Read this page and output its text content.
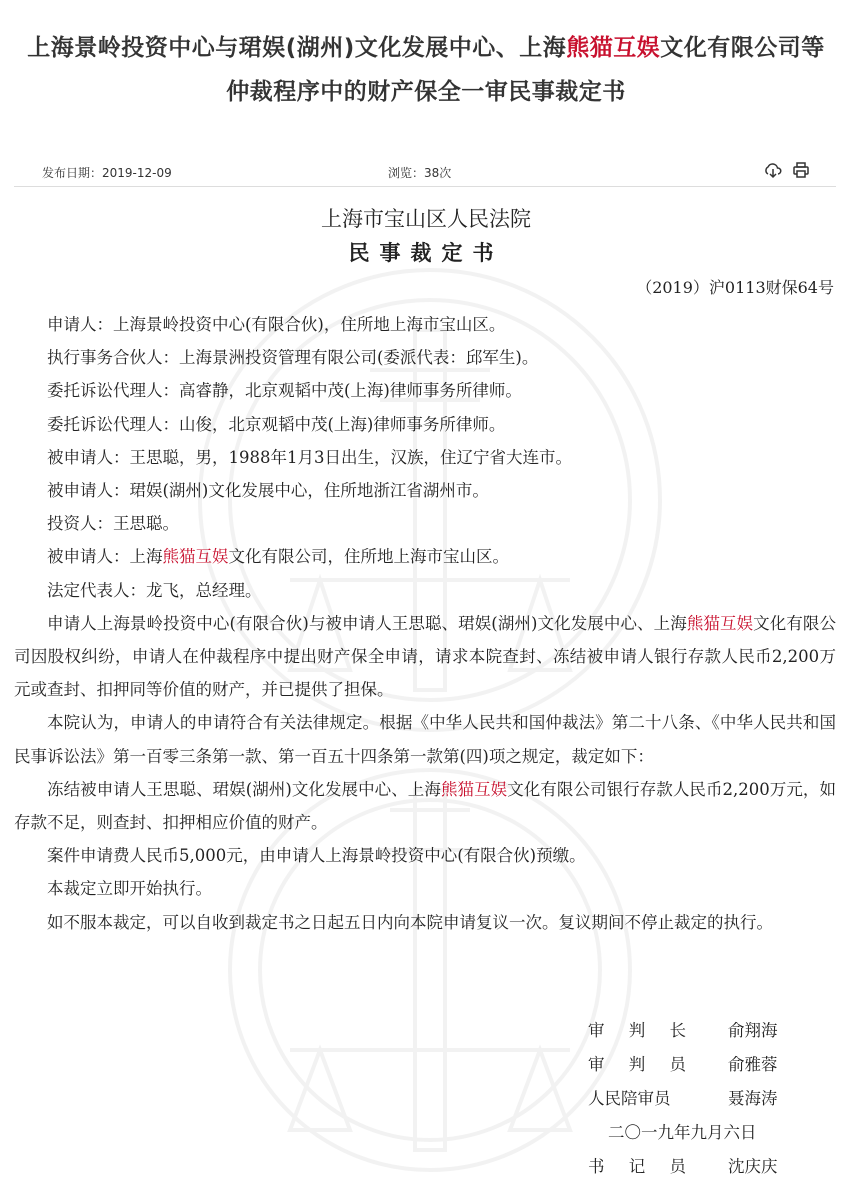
上海景岭投资中心与珺娱(湖州)文化发展中心、上海熊猫互娱文化有限公司等
仲裁程序中的财产保全一审民事裁定书
发布日期：2019-12-09	浏览：38次
上海市宝山区人民法院
民事裁定书
（2019）沪0113财保64号

申请人：上海景岭投资中心(有限合伙)，住所地上海市宝山区。

执行事务合伙人：上海景洲投资管理有限公司(委派代表：邱军生)。

委托诉讼代理人：高睿静，北京观韬中茂(上海)律师事务所律师。

委托诉讼代理人：山俊，北京观韬中茂(上海)律师事务所律师。

被申请人：王思聪，男，1988年1月3日出生，汉族，住辽宁省大连市。

被申请人：珺娱(湖州)文化发展中心，住所地浙江省湖州市。

投资人：王思聪。

被申请人：上海熊猫互娱文化有限公司，住所地上海市宝山区。

法定代表人：龙飞，总经理。

申请人上海景岭投资中心(有限合伙)与被申请人王思聪、珺娱(湖州)文化发展中心、上海熊猫互娱文化有限公司因股权纠纷，申请人在仲裁程序中提出财产保全申请，请求本院查封、冻结被申请人银行存款人民币2,200万元或查封、扣押同等价值的财产，并已提供了担保。

本院认为，申请人的申请符合有关法律规定。根据《中华人民共和国仲裁法》第二十八条、《中华人民共和国民事诉讼法》第一百零三条第一款、第一百五十四条第一款第(四)项之规定，裁定如下：

冻结被申请人王思聪、珺娱(湖州)文化发展中心、上海熊猫互娱文化有限公司银行存款人民币2,200万元，如存款不足，则查封、扣押相应价值的财产。

案件申请费人民币5,000元，由申请人上海景岭投资中心(有限合伙)预缴。

本裁定立即开始执行。

如不服本裁定，可以自收到裁定书之日起五日内向本院申请复议一次。复议期间不停止裁定的执行。

审 判 长	俞翔海
审 判 员	俞雅蓉
人民陪审员	聂海涛
二〇一九年九月六日
书 记 员	沈庆庆
